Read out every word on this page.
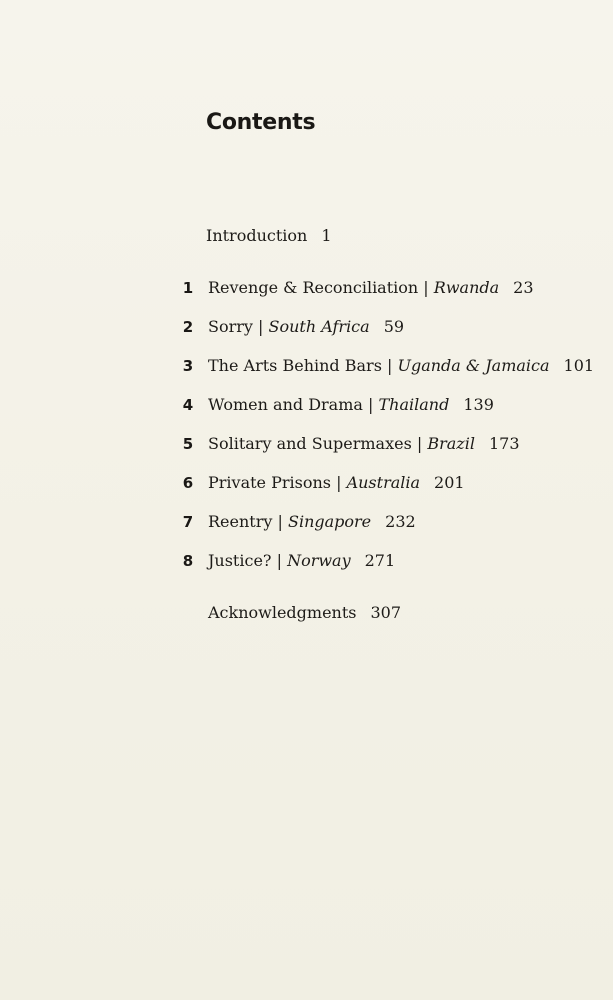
Contents
Introduction 1
1 Revenge & Reconciliation | Rwanda 23
2 Sorry | South Africa 59
3 The Arts Behind Bars | Uganda & Jamaica 101
4 Women and Drama | Thailand 139
5 Solitary and Supermaxes | Brazil 173
6 Private Prisons | Australia 201
7 Reentry | Singapore 232
8 Justice? | Norway 271
Acknowledgments 307
